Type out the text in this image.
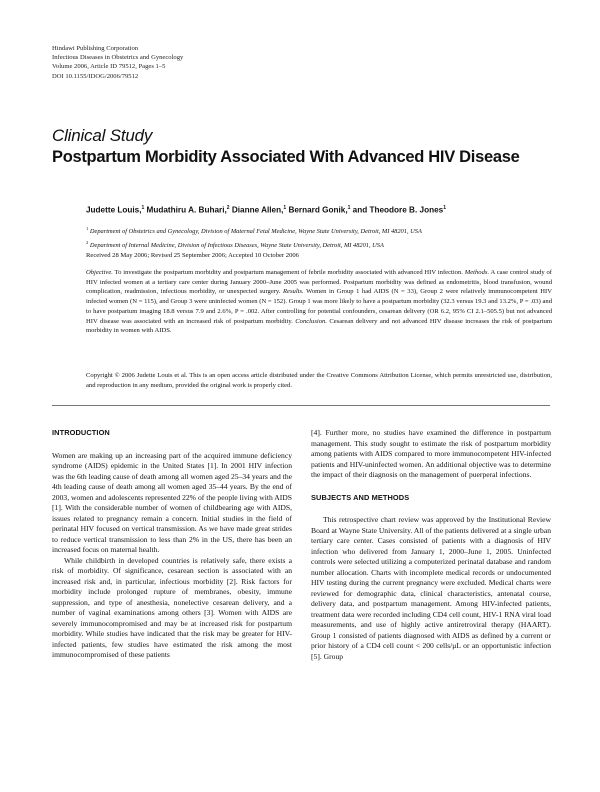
Hindawi Publishing Corporation
Infectious Diseases in Obstetrics and Gynecology
Volume 2006, Article ID 79512, Pages 1–5
DOI 10.1155/IDOG/2006/79512
Clinical Study
Postpartum Morbidity Associated With Advanced HIV Disease
Judette Louis,$^1$ Mudathiru A. Buhari,$^2$ Dianne Allen,$^1$ Bernard Gonik,$^1$ and Theodore B. Jones$^1$
$^1$ Department of Obstetrics and Gynecology, Division of Maternal Fetal Medicine, Wayne State University, Detroit, MI 48201, USA
$^2$ Department of Internal Medicine, Division of Infectious Diseases, Wayne State University, Detroit, MI 48201, USA
Received 28 May 2006; Revised 25 September 2006; Accepted 10 October 2006
Objective. To investigate the postpartum morbidity and postpartum management of febrile morbidity associated with advanced HIV infection. Methods. A case control study of HIV infected women at a tertiary care center during January 2000–June 2005 was performed. Postpartum morbidity was defined as endometritis, blood transfusion, wound complication, readmission, infectious morbidity, or unexpected surgery. Results. Women in Group 1 had AIDS (N = 33), Group 2 were relatively immunocompetent HIV infected women (N = 115), and Group 3 were uninfected women (N = 152). Group 1 was more likely to have a postpartum morbidity (32.3 versus 19.3 and 13.2%, P = .03) and to have postpartum imaging 18.8 versus 7.9 and 2.6%, P = .002. After controlling for potential confounders, cesarean delivery (OR 6.2, 95% CI 2.1–505.5) but not advanced HIV disease was associated with an increased risk of postpartum morbidity. Conclusion. Cesarean delivery and not advanced HIV disease increases the risk of postpartum morbidity in women with AIDS.
Copyright © 2006 Judette Louis et al. This is an open access article distributed under the Creative Commons Attribution License, which permits unrestricted use, distribution, and reproduction in any medium, provided the original work is properly cited.
INTRODUCTION

Women are making up an increasing part of the acquired immune deficiency syndrome (AIDS) epidemic in the United States [1]. In 2001 HIV infection was the 6th leading cause of death among all women aged 25–34 years and the 4th leading cause of death among all women aged 35–44 years. By the end of 2003, women and adolescents represented 22% of the people living with AIDS [1]. With the considerable number of women of childbearing age with AIDS, issues related to pregnancy remain a concern. Initial studies in the field of perinatal HIV focused on vertical transmission. As we have made great strides to reduce vertical transmission to less than 2% in the US, there has been an increased focus on maternal health.

While childbirth in developed countries is relatively safe, there exists a risk of morbidity. Of significance, cesarean section is associated with an increased risk and, in particular, infectious morbidity [2]. Risk factors for morbidity include prolonged rupture of membranes, obesity, immune suppression, and type of anesthesia, nonelective cesarean delivery, and a number of vaginal examinations among others [3]. Women with AIDS are severely immunocompromised and may be at increased risk for postpartum morbidity. While studies have indicated that the risk may be greater for HIV-infected patients, few studies have estimated the risk among the most immunocompromised of these patients

[4]. Further more, no studies have examined the difference in postpartum management. This study sought to estimate the risk of postpartum morbidity among patients with AIDS compared to more immunocompetent HIV-infected patients and HIV-uninfected women. An additional objective was to determine the impact of their diagnosis on the management of puerperal infections.

SUBJECTS AND METHODS

This retrospective chart review was approved by the Institutional Review Board at Wayne State University. All of the patients delivered at a single urban tertiary care center. Cases consisted of patients with a diagnosis of HIV infection who delivered from January 1, 2000–June 1, 2005. Uninfected controls were selected utilizing a computerized perinatal database and random number allocation. Charts with incomplete medical records or undocumented HIV testing during the current pregnancy were excluded. Medical charts were reviewed for demographic data, clinical characteristics, antenatal course, delivery data, and postpartum management. Among HIV-infected patients, treatment data were recorded including CD4 cell count, HIV-1 RNA viral load measurements, and use of highly active antiretroviral therapy (HAART). Group 1 consisted of patients diagnosed with AIDS as defined by a current or prior history of a CD4 cell count < 200 cells/μL or an opportunistic infection [5]. Group
